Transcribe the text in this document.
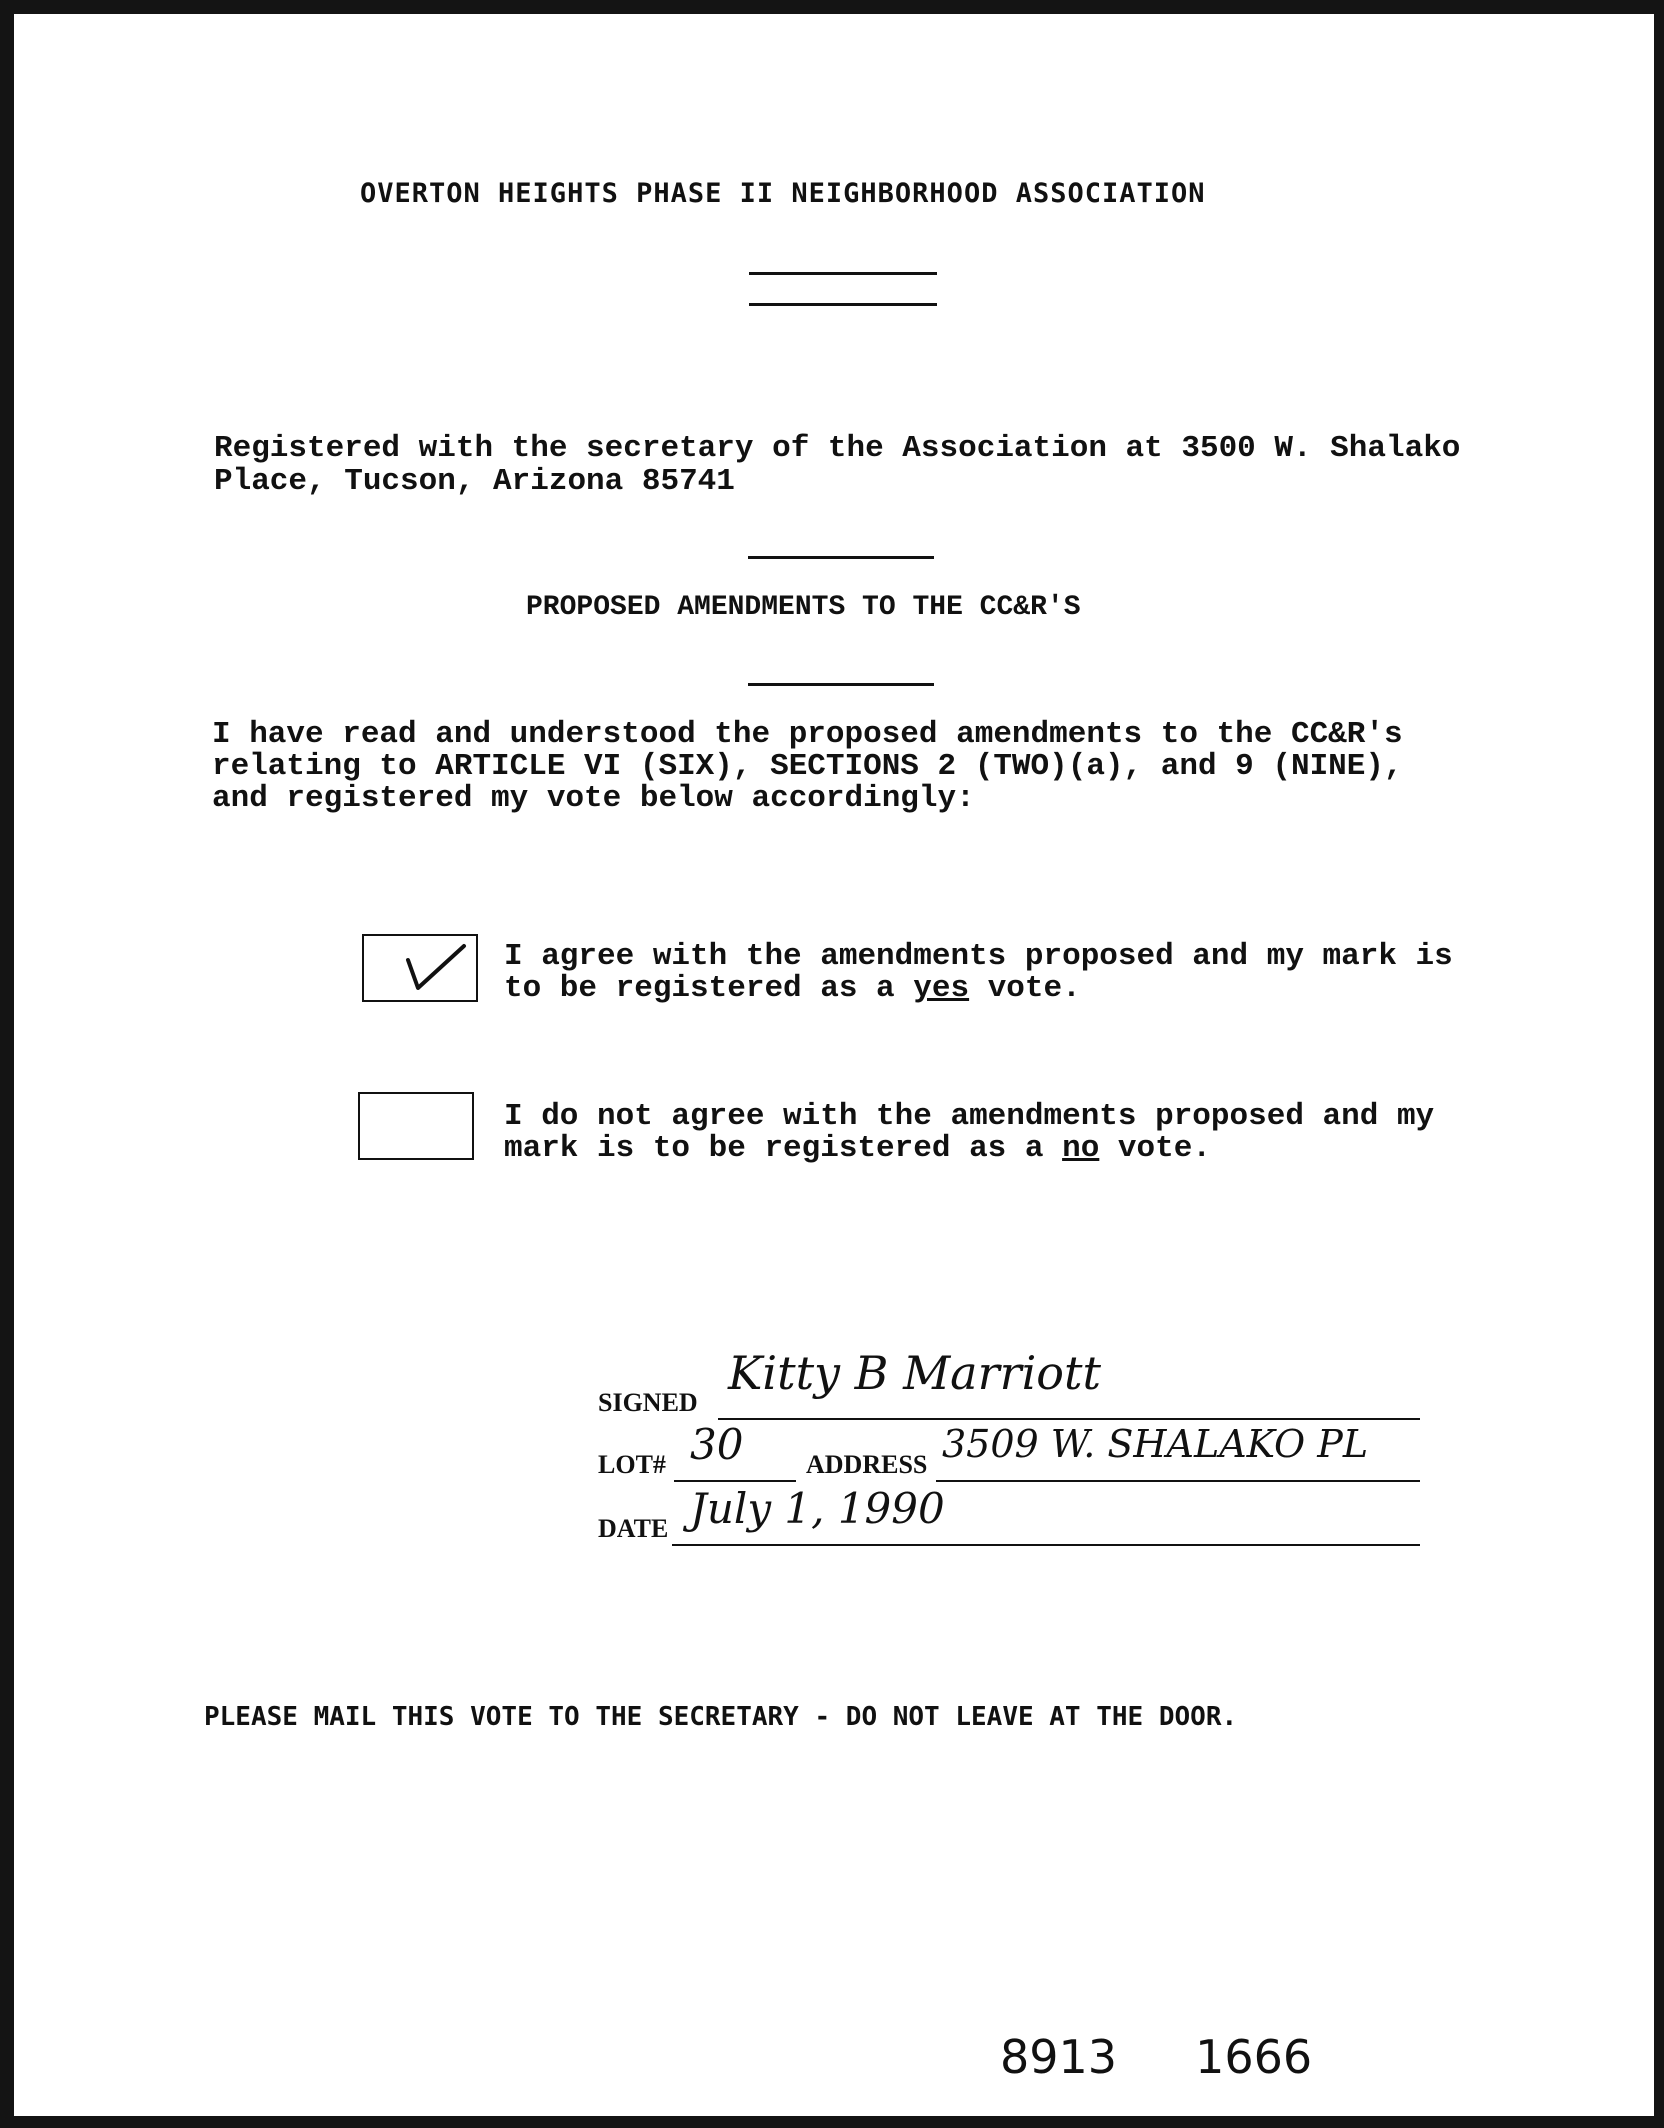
OVERTON HEIGHTS PHASE II NEIGHBORHOOD ASSOCIATION
Registered with the secretary of the Association at 3500 W. Shalako
Place, Tucson, Arizona 85741
PROPOSED AMENDMENTS TO THE CC&R'S
I have read and understood the proposed amendments to the CC&R's
relating to ARTICLE VI (SIX), SECTIONS 2 (TWO)(a), and 9 (NINE),
and registered my vote below accordingly:
I agree with the amendments proposed and my mark is
to be registered as a yes vote.
I do not agree with the amendments proposed and my
mark is to be registered as a no vote.
SIGNED
Kitty B Marriott
LOT# 30 ADDRESS 3509 W. SHALAKO PL
DATE July 1, 1990
PLEASE MAIL THIS VOTE TO THE SECRETARY - DO NOT LEAVE AT THE DOOR.
8913 1666
